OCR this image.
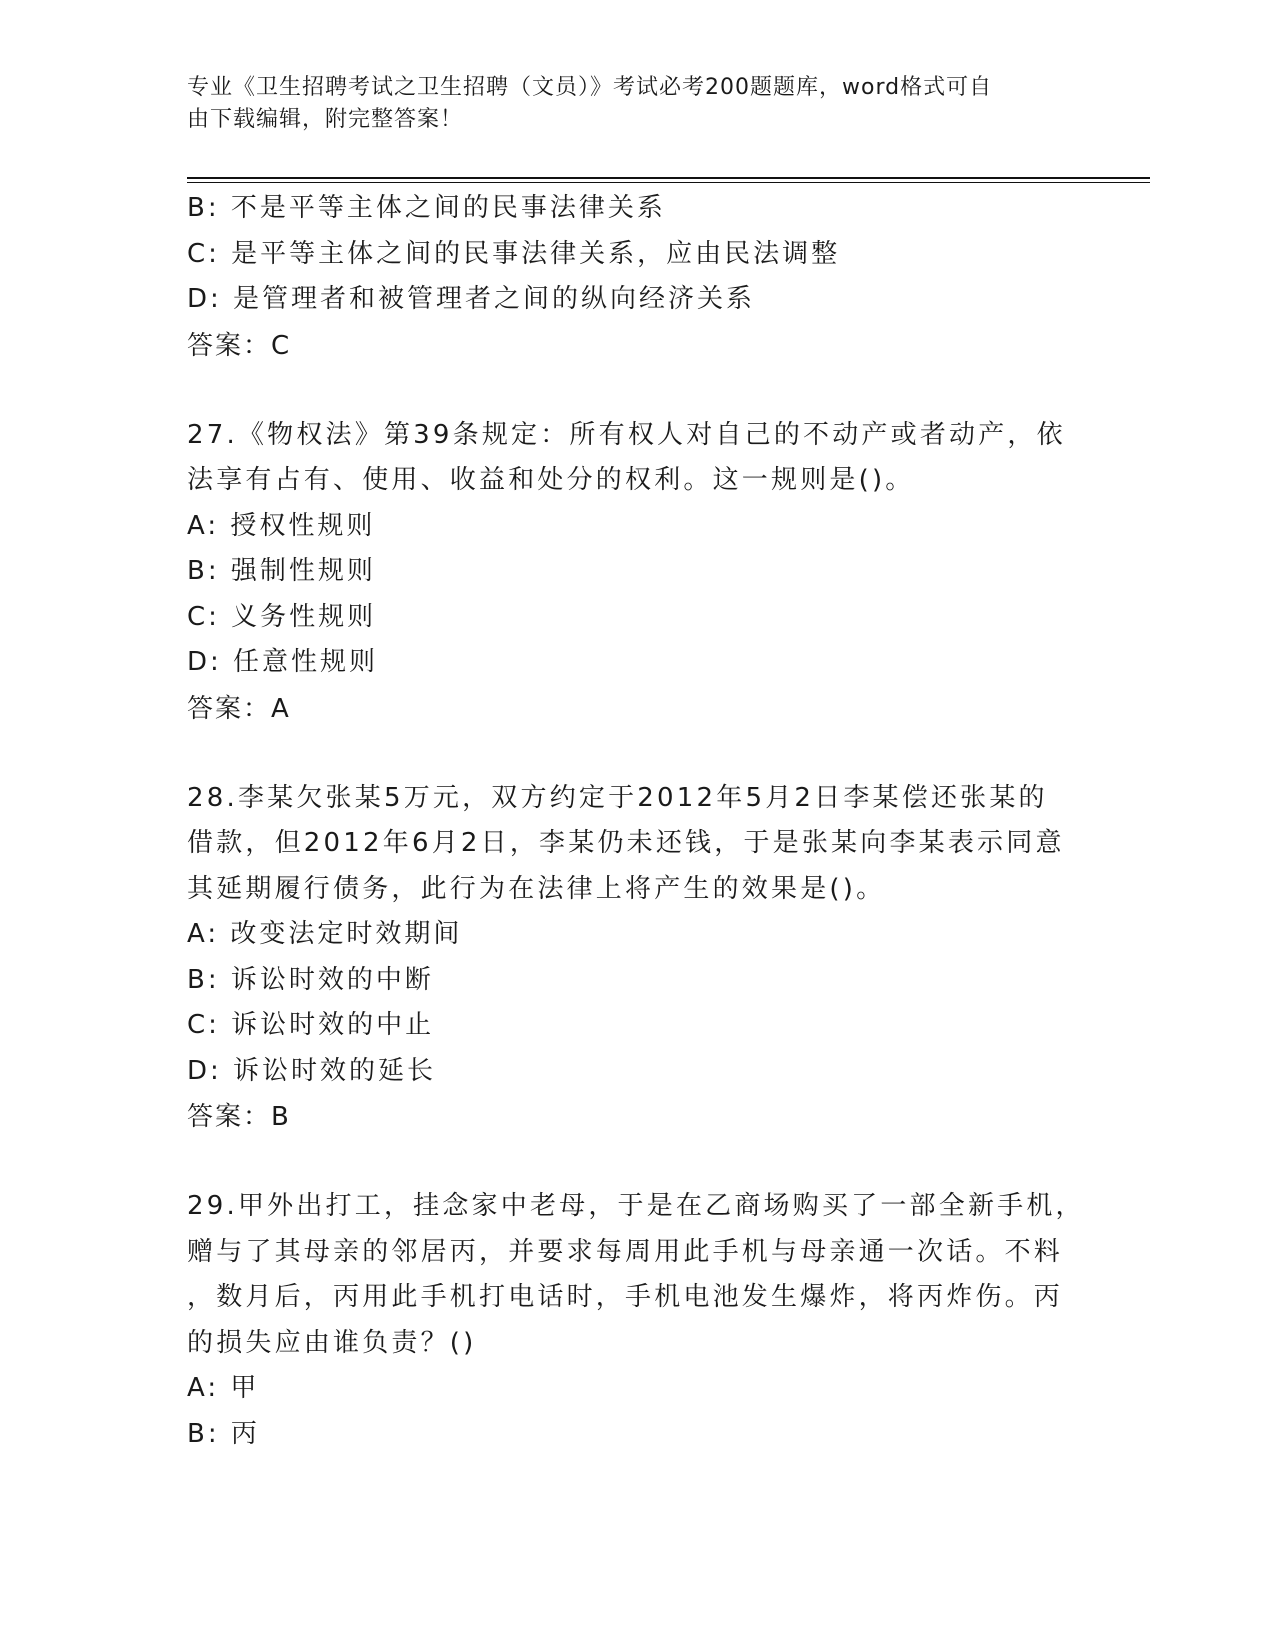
专业《卫生招聘考试之卫生招聘（文员）》考试必考200题题库，word格式可自
由下载编辑，附完整答案！
B: 不是平等主体之间的民事法律关系
C: 是平等主体之间的民事法律关系，应由民法调整
D: 是管理者和被管理者之间的纵向经济关系
答案：C
27.《物权法》第39条规定：所有权人对自己的不动产或者动产，依
法享有占有、使用、收益和处分的权利。这一规则是()。
A: 授权性规则
B: 强制性规则
C: 义务性规则
D: 任意性规则
答案：A
28.李某欠张某5万元，双方约定于2012年5月2日李某偿还张某的
借款，但2012年6月2日，李某仍未还钱，于是张某向李某表示同意
其延期履行债务，此行为在法律上将产生的效果是()。
A: 改变法定时效期间
B: 诉讼时效的中断
C: 诉讼时效的中止
D: 诉讼时效的延长
答案：B
29.甲外出打工，挂念家中老母，于是在乙商场购买了一部全新手机，
赠与了其母亲的邻居丙，并要求每周用此手机与母亲通一次话。不料
，数月后，丙用此手机打电话时，手机电池发生爆炸，将丙炸伤。丙
的损失应由谁负责？()
A: 甲
B: 丙
